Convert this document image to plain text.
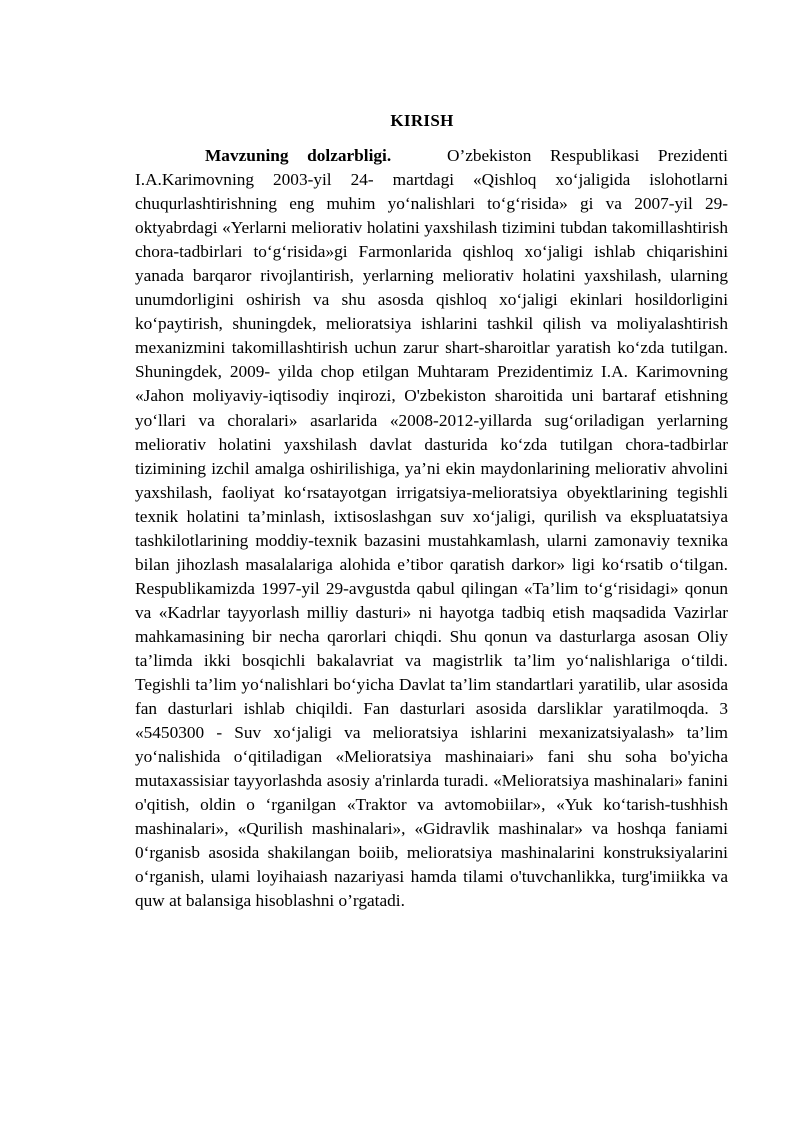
KIRISH

Mavzuning dolzarbligi.	O’zbekiston Respublikasi Prezidenti I.A.Karimovning 2003-yil 24- martdagi «Qishloq xo‘jaligida islohotlarni chuqurlashtirishning eng muhim yo‘nalishlari to‘g‘risida» gi va 2007-yil 29-oktyabrdagi «Yerlarni meliorativ holatini yaxshilash tizimini tubdan takomillashtirish chora-tadbirlari to‘g‘risida»gi Farmonlarida qishloq xo‘jaligi ishlab chiqarishini yanada barqaror rivojlantirish, yerlarning meliorativ holatini yaxshilash, ularning unumdorligini oshirish va shu asosda qishloq xo‘jaligi ekinlari hosildorligini ko‘paytirish, shuningdek, melioratsiya ishlarini tashkil qilish va moliyalashtirish mexanizmini takomillashtirish uchun zarur shart-sharoitlar yaratish ko‘zda tutilgan. Shuningdek, 2009- yilda chop etilgan Muhtaram Prezidentimiz I.A. Karimovning «Jahon moliyaviy-iqtisodiy inqirozi, O'zbekiston sharoitida uni bartaraf etishning yo‘llari va choralari» asarlarida «2008-2012-yillarda sug‘oriladigan yerlarning meliorativ holatini yaxshilash davlat dasturida ko‘zda tutilgan chora-tadbirlar tizimining izchil amalga oshirilishiga, ya’ni ekin maydonlarining meliorativ ahvolini yaxshilash, faoliyat ko‘rsatayotgan irrigatsiya-melioratsiya obyektlarining tegishli texnik holatini ta’minlash, ixtisoslashgan suv xo‘jaligi, qurilish va ekspluatatsiya tashkilotlarining moddiy-texnik bazasini mustahkamlash, ularni zamonaviy texnika bilan jihozlash masalalariga alohida e’tibor qaratish darkor» ligi ko‘rsatib o‘tilgan. Respublikamizda 1997-yil 29-avgustda qabul qilingan «Ta’lim to‘g‘risidagi» qonun va «Kadrlar tayyorlash milliy dasturi» ni hayotga tadbiq etish maqsadida Vazirlar mahkamasining bir necha qarorlari chiqdi. Shu qonun va dasturlarga asosan Oliy ta’limda ikki bosqichli bakalavriat va magistrlik ta’lim yo‘nalishlariga o‘tildi. Tegishli ta’lim yo‘nalishlari bo‘yicha Davlat ta’lim standartlari yaratilib, ular asosida fan dasturlari ishlab chiqildi. Fan dasturlari asosida darsliklar yaratilmoqda. 3 «5450300 - Suv xo‘jaligi va melioratsiya ishlarini mexanizatsiyalash» ta’lim yo‘nalishida o‘qitiladigan «Melioratsiya mashinaiari» fani shu soha bo'yicha mutaxassisiar tayyorlashda asosiy a'rinlarda turadi. «Melioratsiya mashinalari» fanini o'qitish, oldin o ‘rganilgan «Traktor va avtomobiilar», «Yuk ko‘tarish-tushhish mashinalari», «Qurilish mashinalari», «Gidravlik mashinalar» va hoshqa faniami 0‘rganisb asosida shakilangan boiib, melioratsiya mashinalarini konstruksiyalarini o‘rganish, ulami loyihaiash nazariyasi hamda tilami o'tuvchanlikka, turg'imiikka va quw at balansiga hisoblashni o’rgatadi.
